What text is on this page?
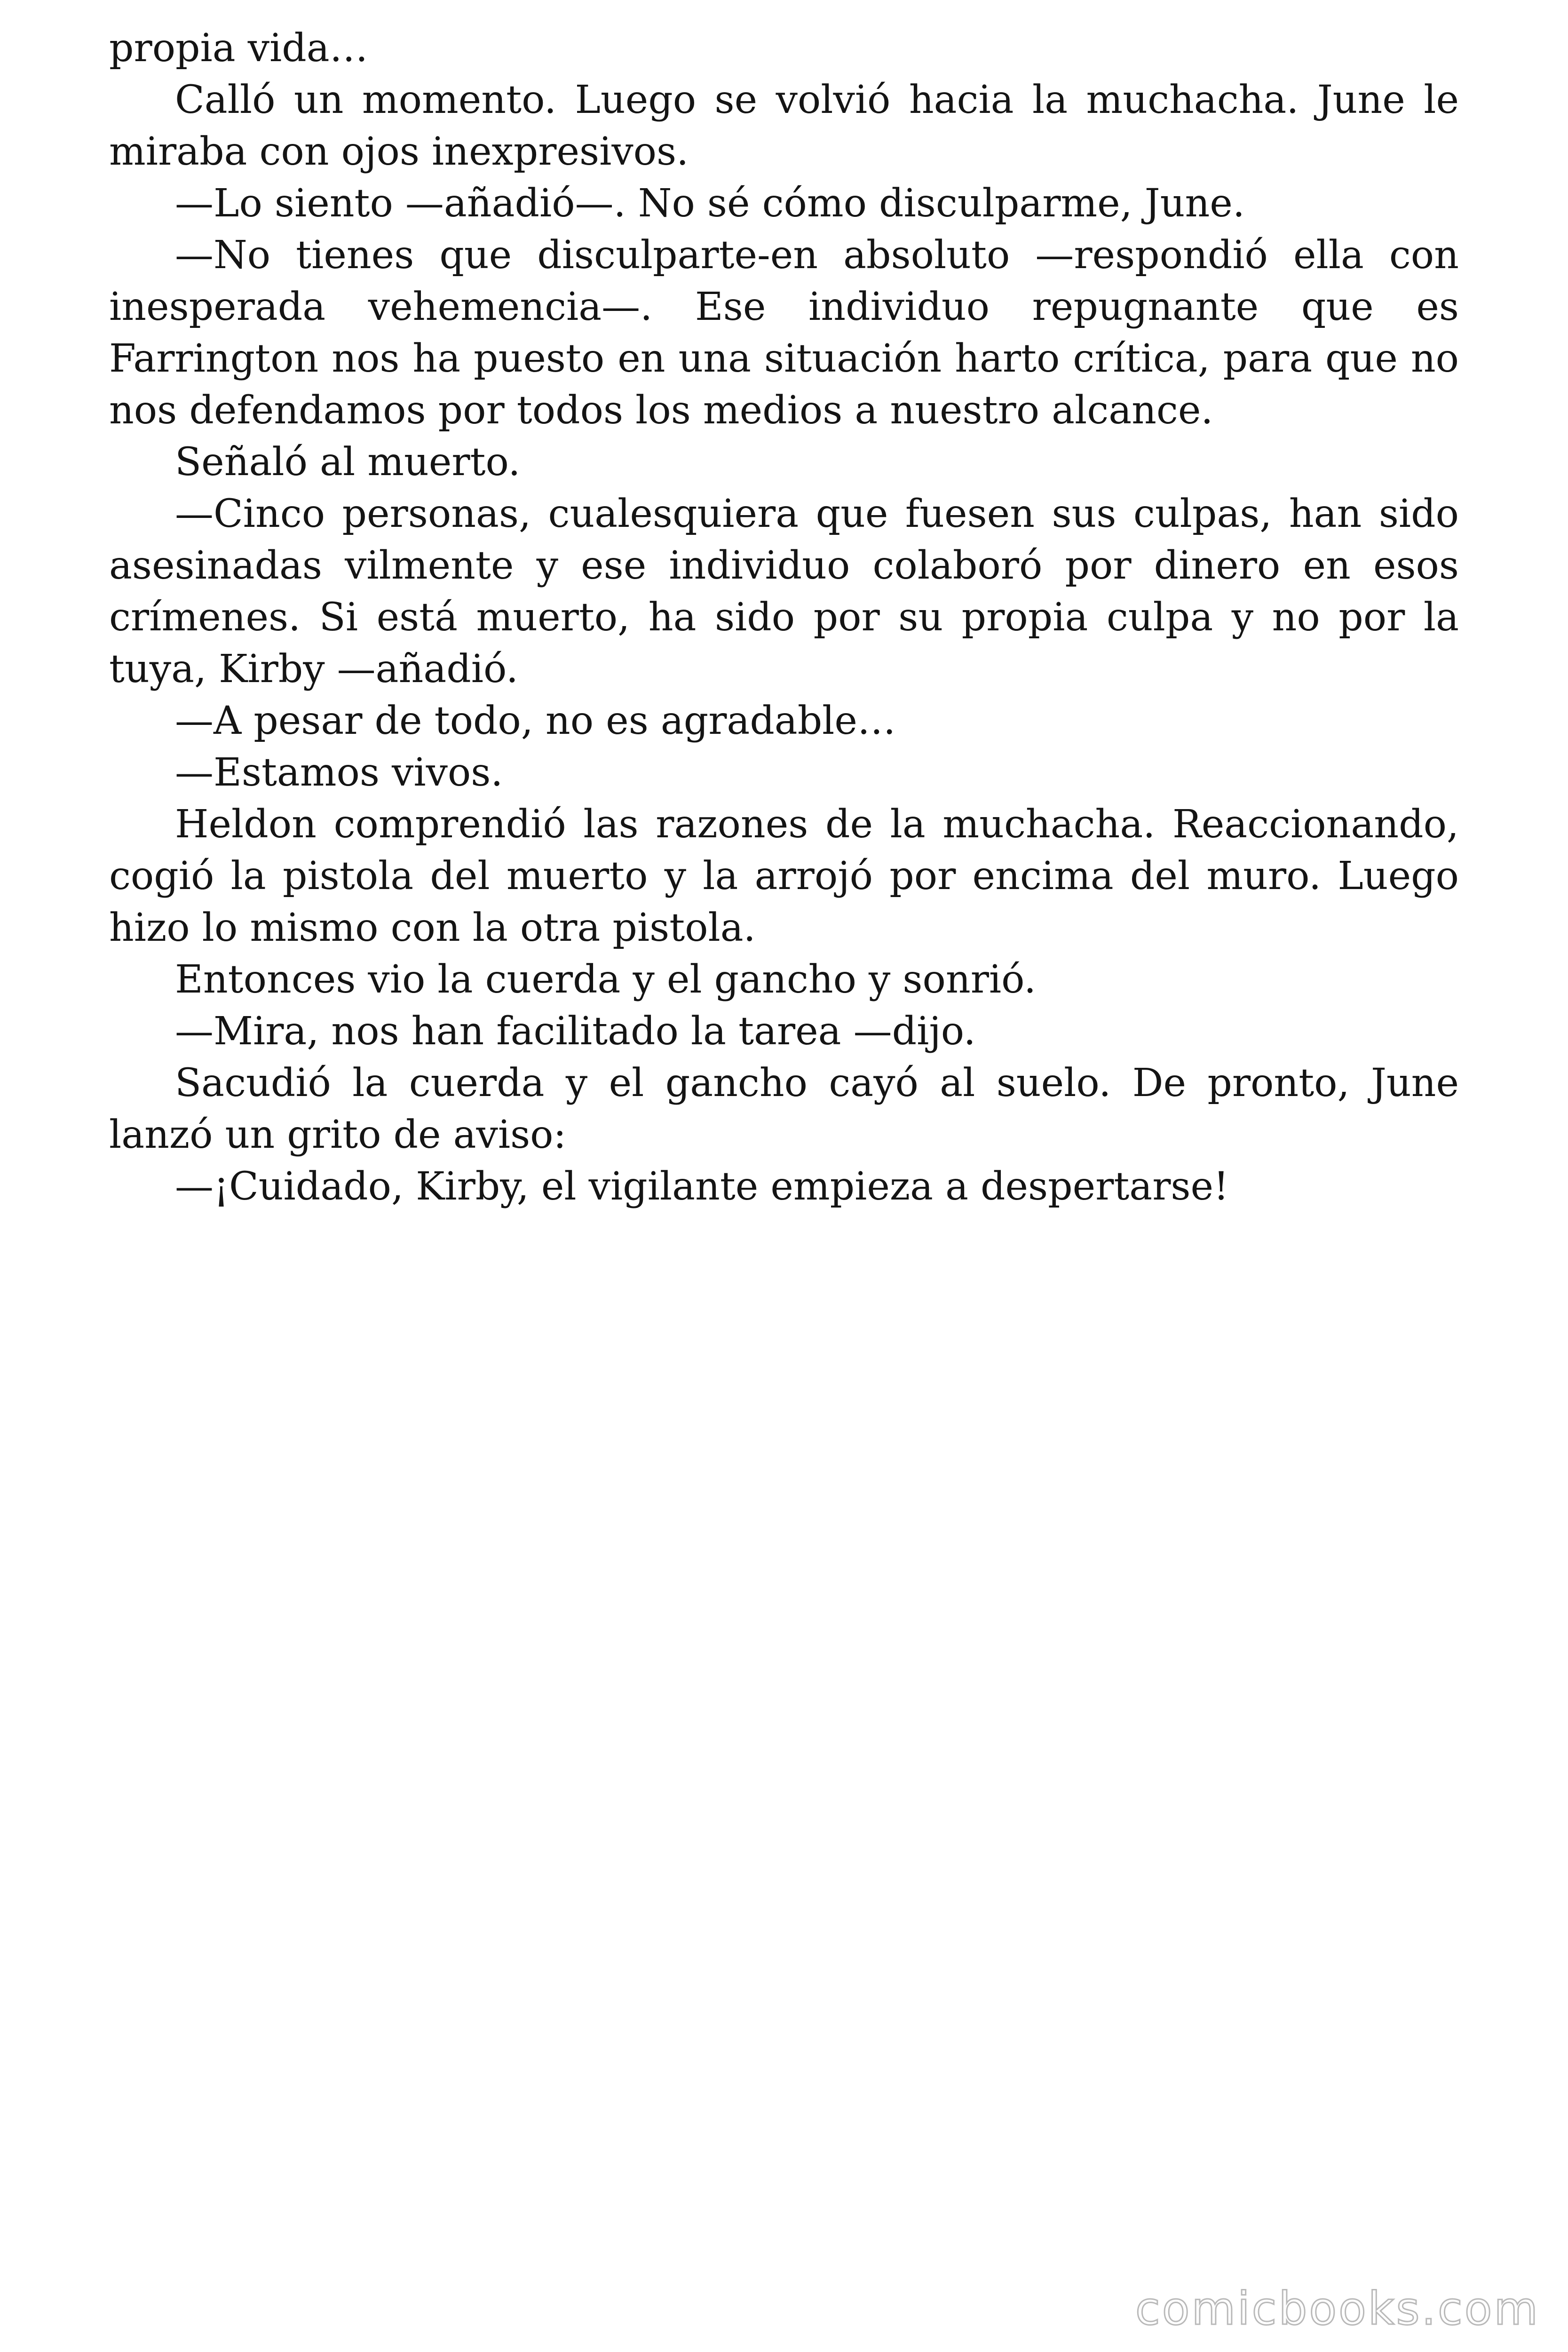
propia vida…

Calló un momento. Luego se volvió hacia la muchacha. June le miraba con ojos inexpresivos.

—Lo siento —añadió—. No sé cómo disculparme, June.

—No tienes que disculparte-en absoluto —respondió ella con inesperada vehemencia—. Ese individuo repugnante que es Farrington nos ha puesto en una situación harto crítica, para que no nos defendamos por todos los medios a nuestro alcance.

Señaló al muerto.

—Cinco personas, cualesquiera que fuesen sus culpas, han sido asesinadas vilmente y ese individuo colaboró por dinero en esos crímenes. Si está muerto, ha sido por su propia culpa y no por la tuya, Kirby —añadió.

—A pesar de todo, no es agradable…

—Estamos vivos.

Heldon comprendió las razones de la muchacha. Reaccionando, cogió la pistola del muerto y la arrojó por encima del muro. Luego hizo lo mismo con la otra pistola.

Entonces vio la cuerda y el gancho y sonrió.

—Mira, nos han facilitado la tarea —dijo.

Sacudió la cuerda y el gancho cayó al suelo. De pronto, June lanzó un grito de aviso:

—¡Cuidado, Kirby, el vigilante empieza a despertarse!

comicbooks.com
